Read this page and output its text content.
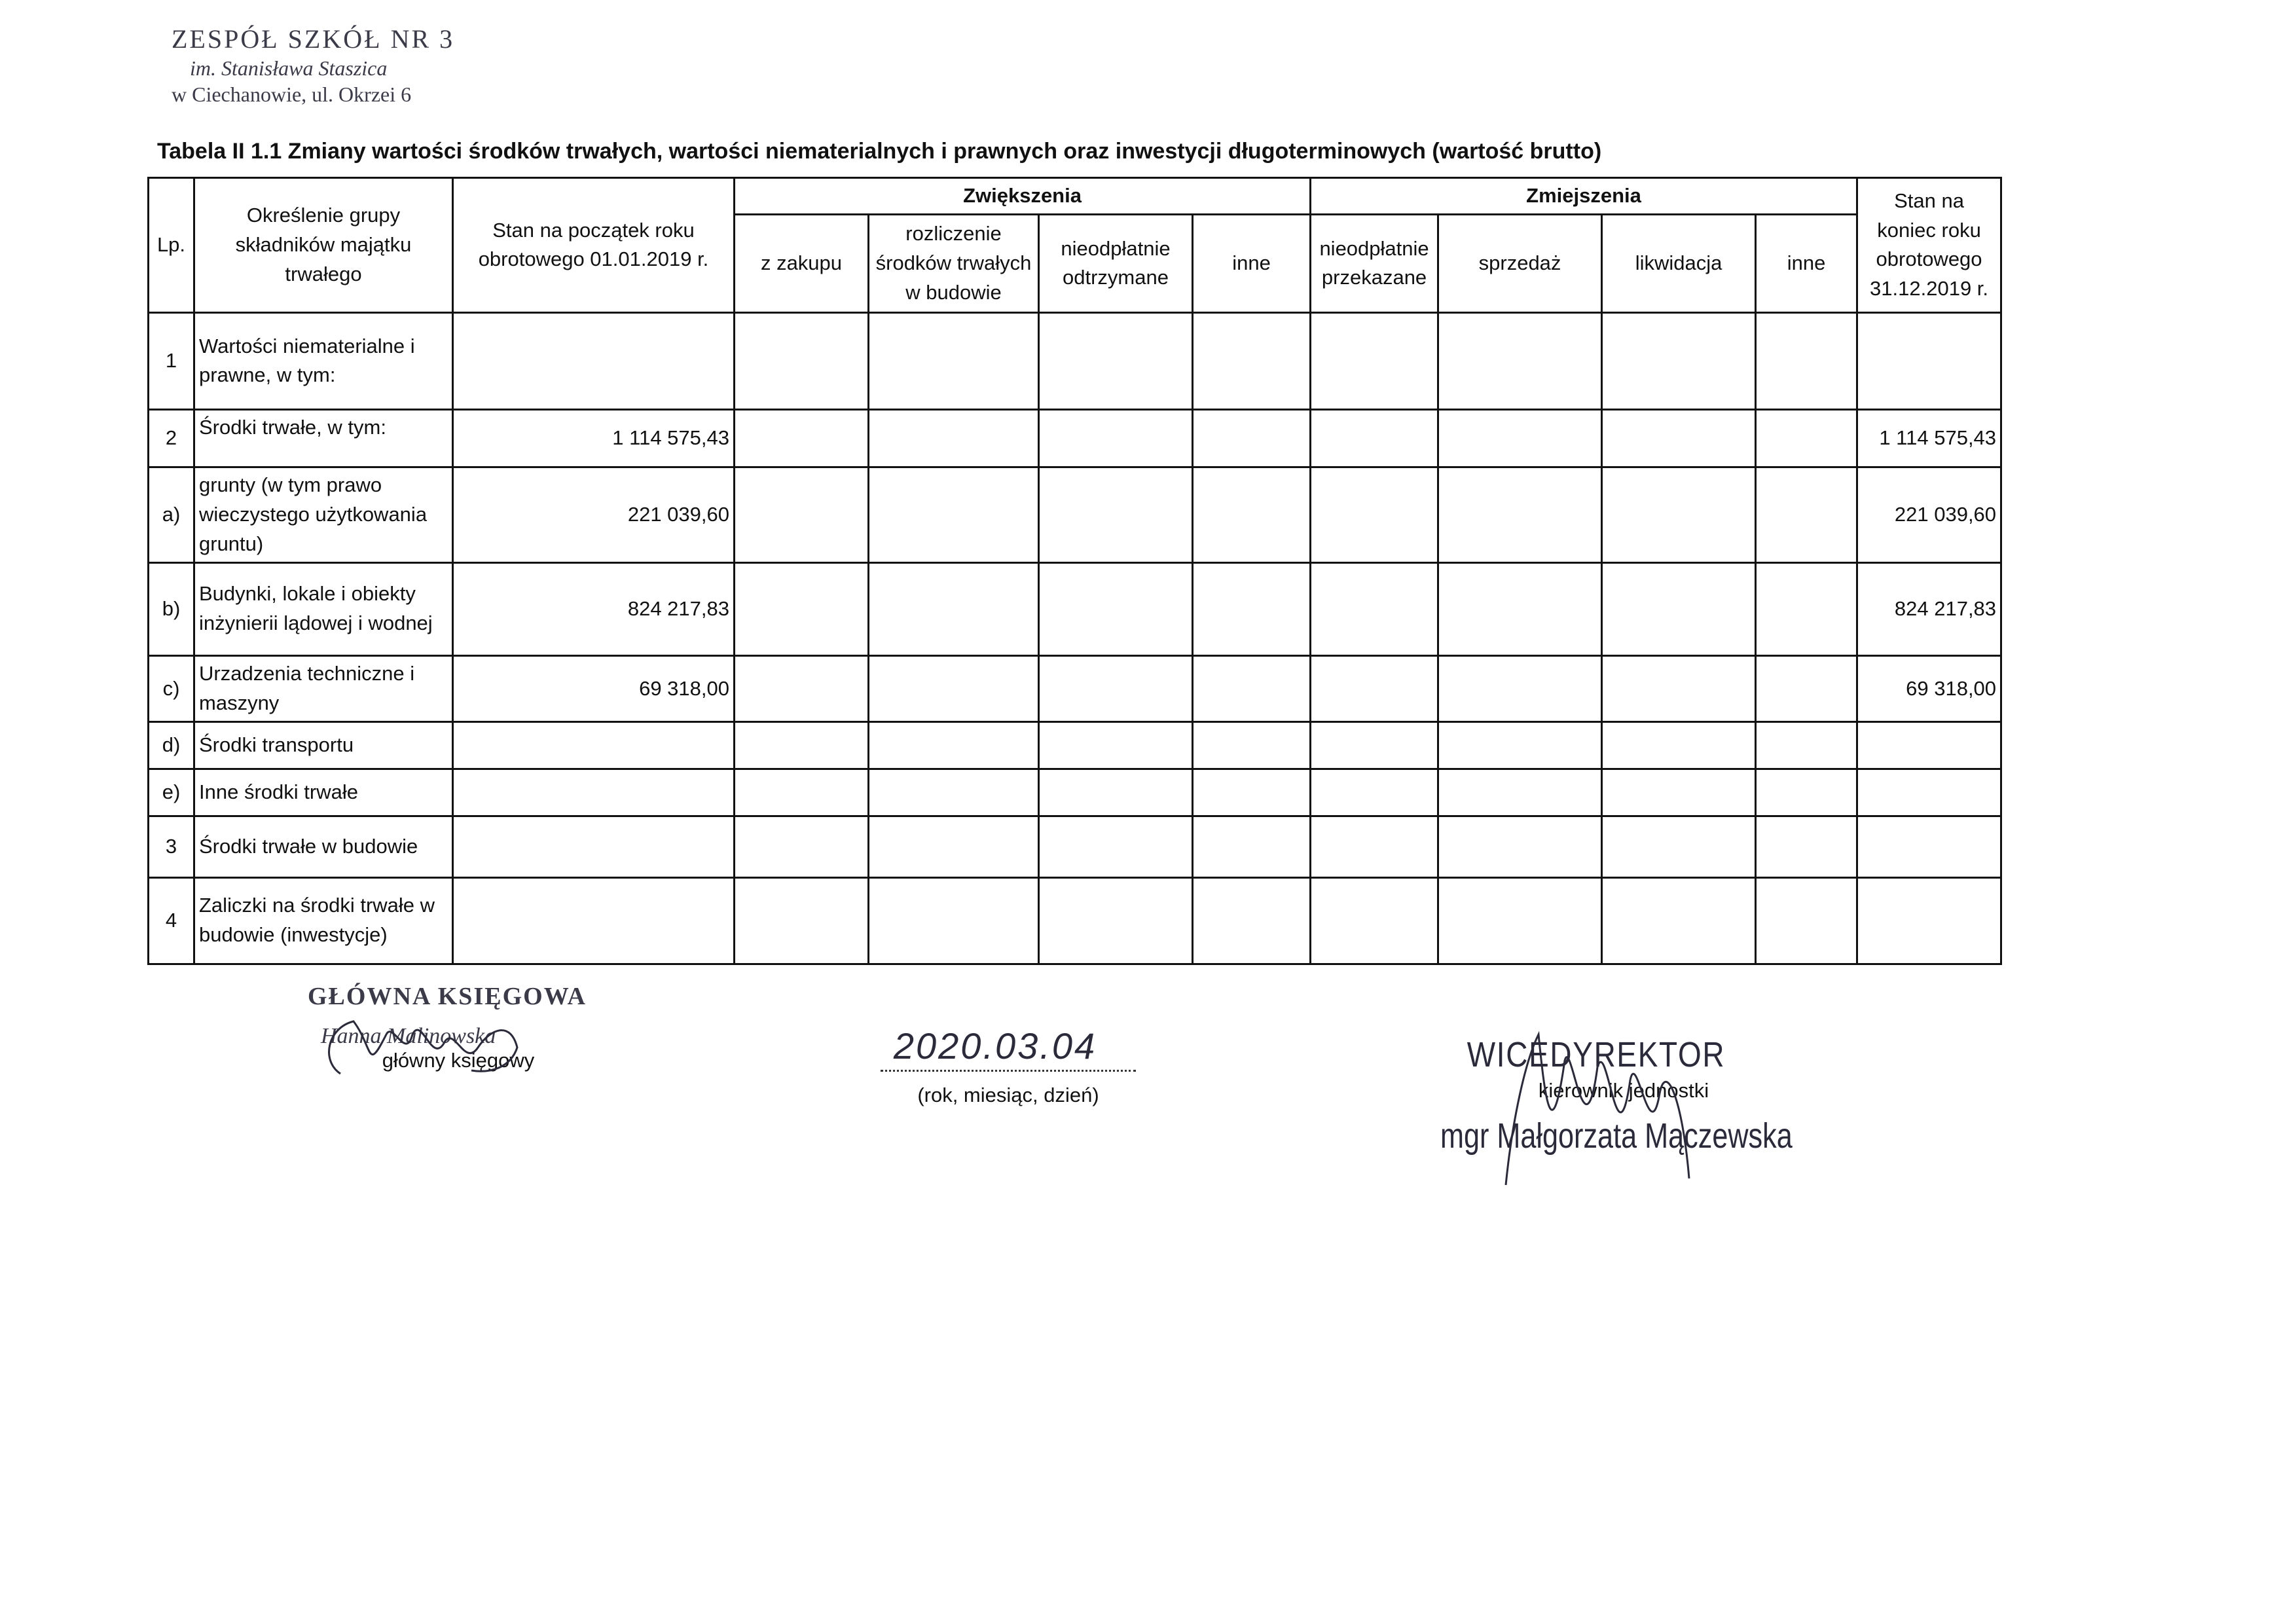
ZESPÓŁ SZKÓŁ NR 3
im. Stanisława Staszica
w Ciechanowie, ul. Okrzei 6
Tabela II 1.1 Zmiany wartości środków trwałych, wartości niematerialnych i prawnych oraz inwestycji długoterminowych (wartość brutto)
Lp.	Określenie grupy składników majątku trwałego	Stan na początek roku obrotowego 01.01.2019 r.	Zwiększenia				Zmiejszenia				Stan na koniec roku obrotowego 31.12.2019 r.
			z zakupu	rozliczenie środków trwałych w budowie	nieodpłatnie odtrzymane	inne	nieodpłatnie przekazane	sprzedaż	likwidacja	inne	
1	Wartości niematerialne i prawne, w tym:										
2	Środki trwałe, w tym:	1 114 575,43									1 114 575,43
a)	grunty (w tym prawo wieczystego użytkowania gruntu)	221 039,60									221 039,60
b)	Budynki, lokale i obiekty inżynierii lądowej i wodnej	824 217,83									824 217,83
c)	Urzadzenia techniczne i maszyny	69 318,00									69 318,00
d)	Środki transportu										
e)	Inne środki trwałe										
3	Środki trwałe w budowie										
4	Zaliczki na środki trwałe w budowie (inwestycje)										
GŁÓWNA KSIĘGOWA
Hanna Malinowska
główny księgowy	2020.03.04
(rok, miesiąc, dzień)
WICEDYREKTOR
kierownik jednostki
mgr Małgorzata Mączewska
